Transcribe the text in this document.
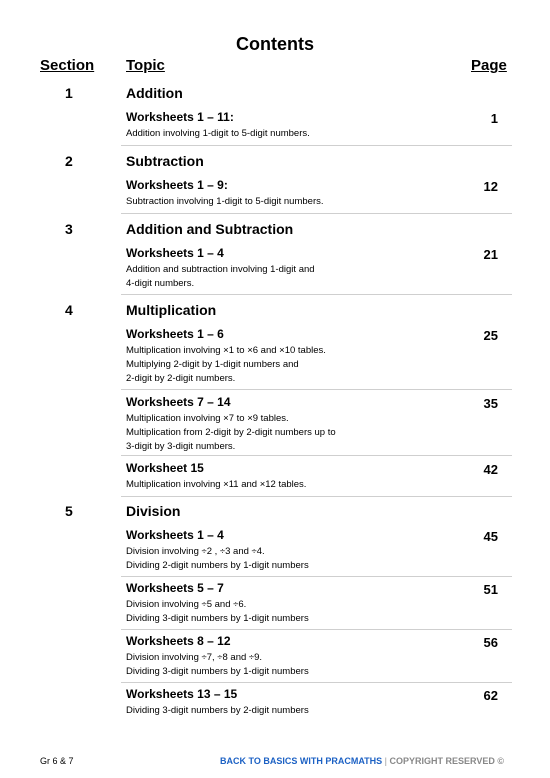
Contents
Section Topic	Page
1	Addition
Worksheets 1 – 11:	1
Addition involving 1-digit to 5-digit numbers.
2	Subtraction
Worksheets 1 – 9:	12
Subtraction involving 1-digit to 5-digit numbers.
3	Addition and Subtraction
Worksheets 1 – 4	21
Addition and subtraction involving 1-digit and
4-digit numbers.
4	Multiplication
Worksheets 1 – 6	25
Multiplication involving ×1 to ×6 and ×10 tables.
Multiplying 2-digit by 1-digit numbers and
2-digit by 2-digit numbers.
Worksheets 7 – 14	35
Multiplication involving ×7 to ×9 tables.
Multiplication from 2-digit by 2-digit numbers up to
3-digit by 3-digit numbers.
Worksheet 15	42
Multiplication involving ×11 and ×12 tables.
5	Division
Worksheets 1 – 4	45
Division involving ÷2 , ÷3 and ÷4.
Dividing 2-digit numbers by 1-digit numbers
Worksheets 5 – 7	51
Division involving ÷5 and ÷6.
Dividing 3-digit numbers by 1-digit numbers
Worksheets 8 – 12	56
Division involving ÷7, ÷8 and ÷9.
Dividing 3-digit numbers by 1-digit numbers
Worksheets 13 – 15	62
Dividing 3-digit numbers by 2-digit numbers
Gr 6 & 7	BACK TO BASICS WITH PRACMATHS | COPYRIGHT RESERVED ©
